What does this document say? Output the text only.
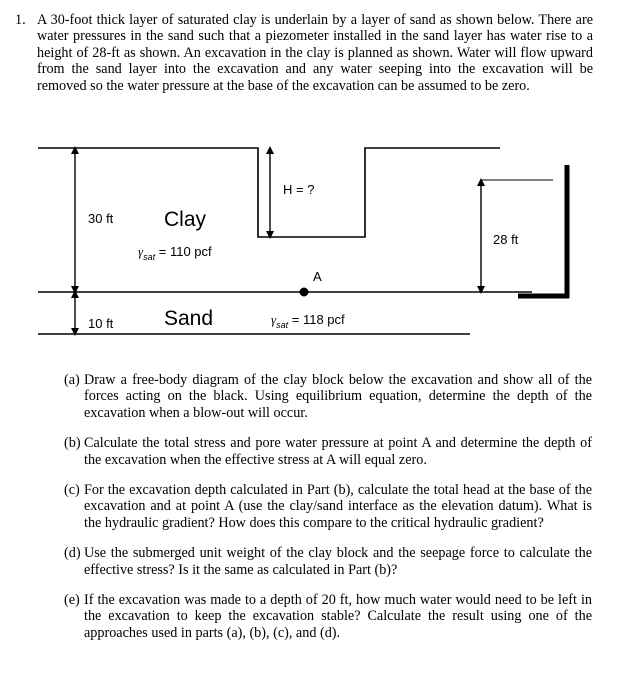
1. A 30-foot thick layer of saturated clay is underlain by a layer of sand as shown below. There are water pressures in the sand such that a piezometer installed in the sand layer has water rise to a height of 28-ft as shown. An excavation in the clay is planned as shown. Water will flow upward from the sand layer into the excavation and any water seeping into the excavation will be removed so the water pressure at the base of the excavation can be assumed to be zero.
30 ft
10 ft
Clay
Sand
$\gamma_{sat} = 110$ pcf
$\gamma_{sat} = 118$ pcf
H = ?
28 ft
A
(a) Draw a free-body diagram of the clay block below the excavation and show all of the forces acting on the black. Using equilibrium equation, determine the depth of the excavation when a blow-out will occur.
(b) Calculate the total stress and pore water pressure at point A and determine the depth of the excavation when the effective stress at A will equal zero.
(c) For the excavation depth calculated in Part (b), calculate the total head at the base of the excavation and at point A (use the clay/sand interface as the elevation datum). What is the hydraulic gradient? How does this compare to the critical hydraulic gradient?
(d) Use the submerged unit weight of the clay block and the seepage force to calculate the effective stress? Is it the same as calculated in Part (b)?
(e) If the excavation was made to a depth of 20 ft, how much water would need to be left in the excavation to keep the excavation stable? Calculate the result using one of the approaches used in parts (a), (b), (c), and (d).
